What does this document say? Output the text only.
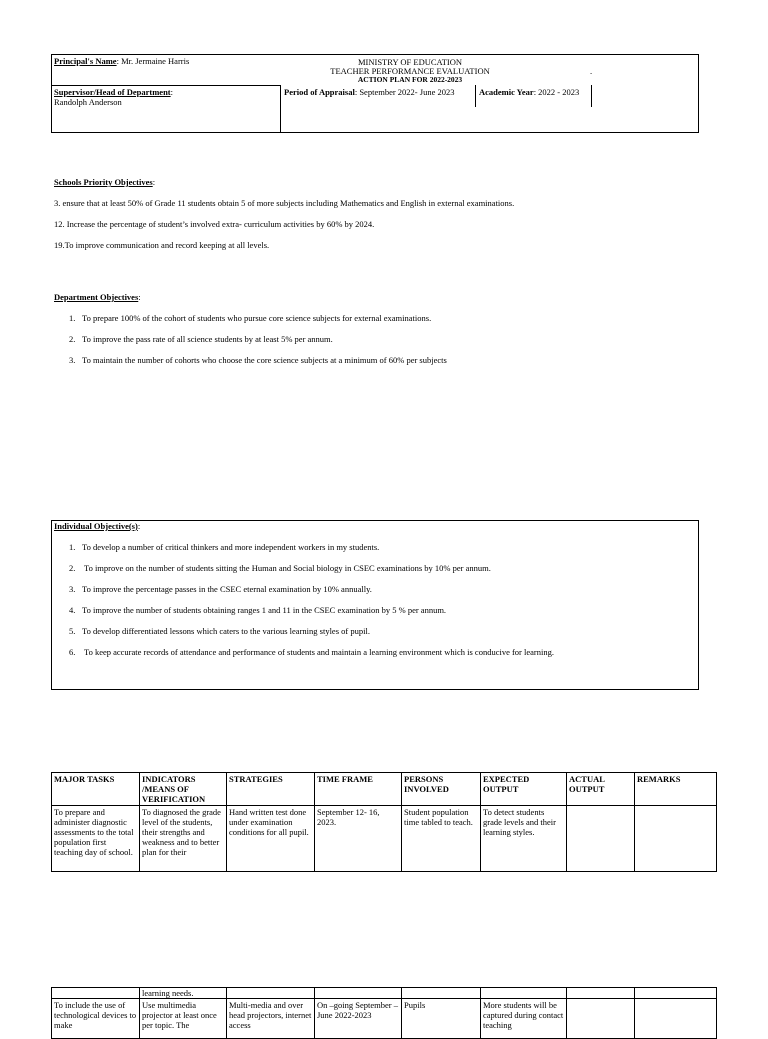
Principal's Name: Mr. Jermaine Harris
Supervisor/Head of Department:
Randolph Anderson
MINISTRY OF EDUCATION
TEACHER PERFORMANCE EVALUATION
ACTION PLAN FOR 2022-2023
.
Period of Appraisal: September 2022- June 2023	Academic Year: 2022 - 2023
Schools Priority Objectives:
3. ensure that at least 50% of Grade 11 students obtain 5 of more subjects including Mathematics and English in external examinations.
12. Increase the percentage of student’s involved extra- curriculum activities by 60% by 2024.
19.To improve communication and record keeping at all levels.
Department Objectives:
1. To prepare 100% of the cohort of students who pursue core science subjects for external examinations.
2. To improve the pass rate of all science students by at least 5% per annum.
3. To maintain the number of cohorts who choose the core science subjects at a minimum of 60% per subjects
Individual Objective(s):
1. To develop a number of critical thinkers and more independent workers in my students.
2. To improve on the number of students sitting the Human and Social biology in CSEC examinations by 10% per annum.
3. To improve the percentage passes in the CSEC eternal examination by 10% annually.
4. To improve the number of students obtaining ranges 1 and 11 in the CSEC examination by 5 % per annum.
5. To develop differentiated lessons which caters to the various learning styles of pupil.
6. To keep accurate records of attendance and performance of students and maintain a learning environment which is conducive for learning.
MAJOR TASKS	INDICATORS /MEANS OF VERIFICATION	STRATEGIES	TIME FRAME	PERSONS INVOLVED	EXPECTED OUTPUT	ACTUAL OUTPUT	REMARKS
To prepare and administer diagnostic assessments to the total population first teaching day of school.	To diagnosed the grade level of the students, their strengths and weakness and to better plan for their	Hand written test done under examination conditions for all pupil.	September 12- 16, 2023.	Student population time tabled to teach.	To detect students grade levels and their learning styles.		
	learning needs.						
To include the use of technological devices to make	Use multimedia projector at least once per topic. The	Multi-media and over head projectors, internet access	On –going September – June 2022-2023	Pupils	More students will be captured during contact teaching		
